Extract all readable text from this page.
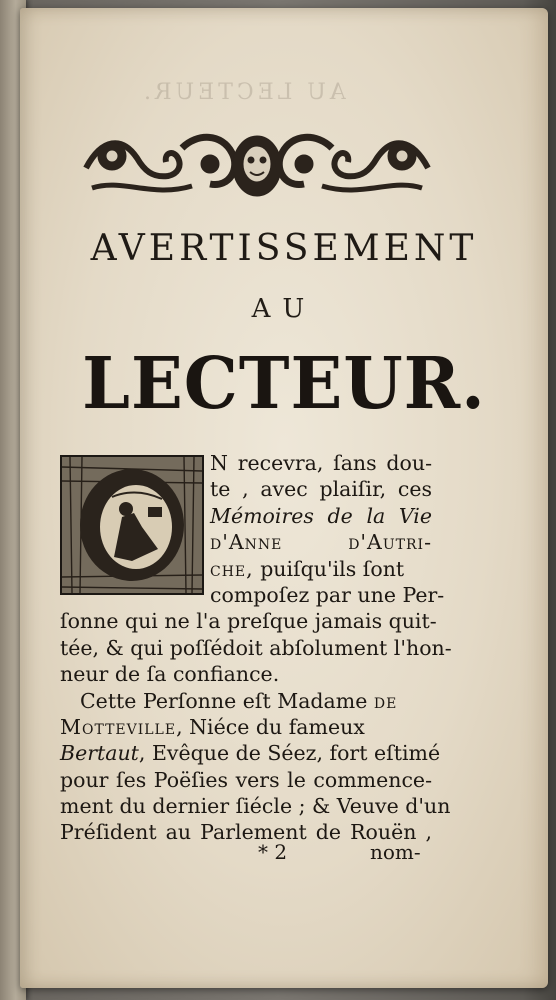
AU LECTEUR.
AVERTISSEMENT
AU
LECTEUR.
N recevra, ſans dou-
te , avec plaiſir, ces
Mémoires de la Vie
d'Anne d'Autri-
che, puiſqu'ils ſont
compoſez par une Per-
ſonne qui ne l'a preſque jamais quit-
tée, & qui poſſédoit abſolument l'hon-
neur de ſa confiance.
Cette Perſonne eſt Madame de
Motteville, Niéce du fameux
Bertaut, Evêque de Séez, fort eſtimé
pour ſes Poëſies vers le commence-
ment du dernier ſiécle ; & Veuve d'un
Préſident au Parlement de Rouën ,
* 2	nom-
